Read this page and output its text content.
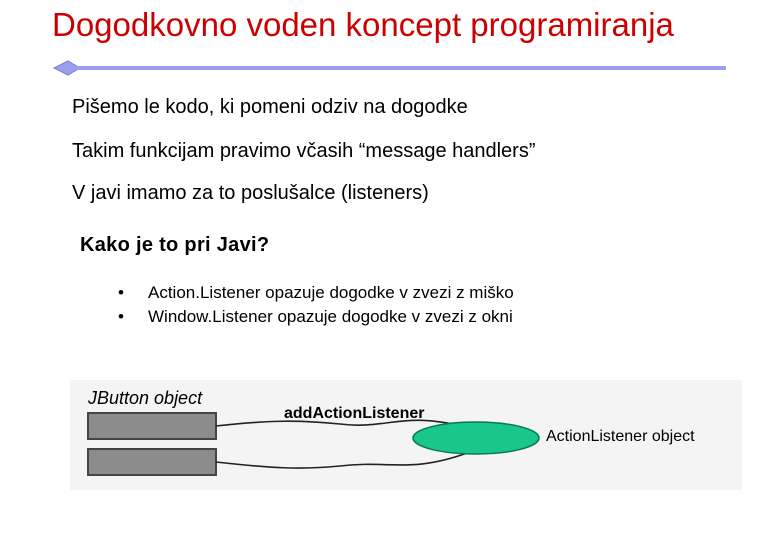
Dogodkovno voden koncept programiranja
Pišemo le kodo, ki pomeni odziv na dogodke
Takim funkcijam pravimo včasih “message handlers”
V javi imamo za to poslušalce (listeners)
Kako je to pri Javi?
• Action.Listener opazuje dogodke v zvezi z miško
• Window.Listener opazuje dogodke v zvezi z okni
JButton object
addActionListener
ActionListener object
